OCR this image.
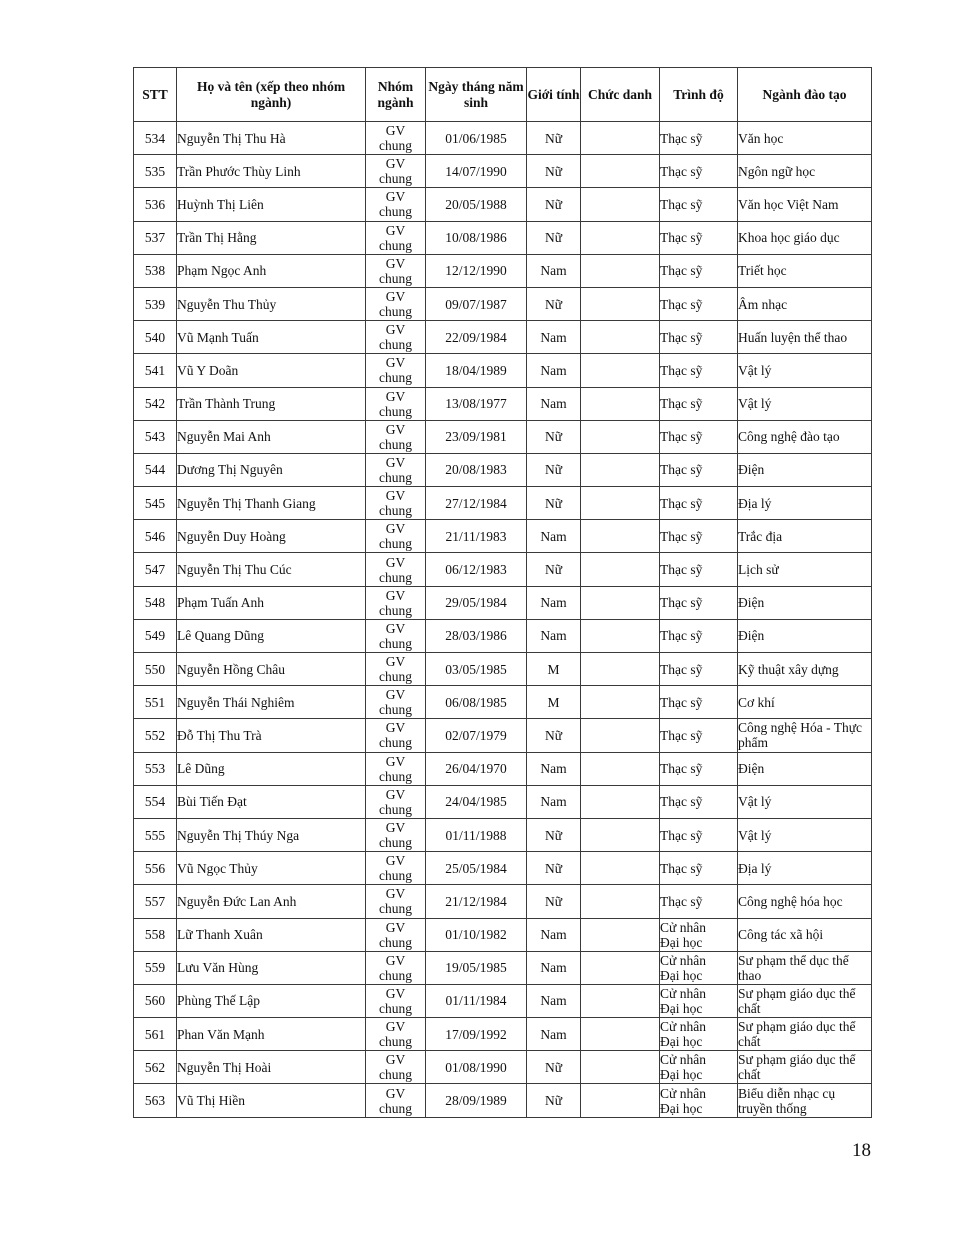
STT	Họ và tên (xếp theo nhóm ngành)	Nhóm ngành	Ngày tháng năm sinh	Giới tính	Chức danh	Trình độ	Ngành đào tạo
534	Nguyễn Thị Thu Hà	GV
chung	01/06/1985	Nữ		Thạc sỹ	Văn học
535	Trần Phước Thùy Linh	GV
chung	14/07/1990	Nữ		Thạc sỹ	Ngôn ngữ học
536	Huỳnh Thị Liên	GV
chung	20/05/1988	Nữ		Thạc sỹ	Văn học Việt Nam
537	Trần Thị Hằng	GV
chung	10/08/1986	Nữ		Thạc sỹ	Khoa học giáo dục
538	Phạm Ngọc Anh	GV
chung	12/12/1990	Nam		Thạc sỹ	Triết học
539	Nguyễn Thu Thủy	GV
chung	09/07/1987	Nữ		Thạc sỹ	Âm nhạc
540	Vũ Mạnh Tuấn	GV
chung	22/09/1984	Nam		Thạc sỹ	Huấn luyện thể thao
541	Vũ Y Doãn	GV
chung	18/04/1989	Nam		Thạc sỹ	Vật lý
542	Trần Thành Trung	GV
chung	13/08/1977	Nam		Thạc sỹ	Vật lý
543	Nguyễn Mai Anh	GV
chung	23/09/1981	Nữ		Thạc sỹ	Công nghệ đào tạo
544	Dương Thị Nguyên	GV
chung	20/08/1983	Nữ		Thạc sỹ	Điện
545	Nguyễn Thị Thanh Giang	GV
chung	27/12/1984	Nữ		Thạc sỹ	Địa lý
546	Nguyễn Duy Hoàng	GV
chung	21/11/1983	Nam		Thạc sỹ	Trắc địa
547	Nguyễn Thị Thu Cúc	GV
chung	06/12/1983	Nữ		Thạc sỹ	Lịch sử
548	Phạm Tuấn Anh	GV
chung	29/05/1984	Nam		Thạc sỹ	Điện
549	Lê Quang Dũng	GV
chung	28/03/1986	Nam		Thạc sỹ	Điện
550	Nguyễn Hồng Châu	GV
chung	03/05/1985	M		Thạc sỹ	Kỹ thuật xây dựng
551	Nguyễn Thái Nghiêm	GV
chung	06/08/1985	M		Thạc sỹ	Cơ khí
552	Đỗ Thị Thu Trà	GV
chung	02/07/1979	Nữ		Thạc sỹ	Công nghệ Hóa - Thực phẩm
553	Lê Dũng	GV
chung	26/04/1970	Nam		Thạc sỹ	Điện
554	Bùi Tiến Đạt	GV
chung	24/04/1985	Nam		Thạc sỹ	Vật lý
555	Nguyễn Thị Thúy Nga	GV
chung	01/11/1988	Nữ		Thạc sỹ	Vật lý
556	Vũ Ngọc Thủy	GV
chung	25/05/1984	Nữ		Thạc sỹ	Địa lý
557	Nguyễn Đức Lan Anh	GV
chung	21/12/1984	Nữ		Thạc sỹ	Công nghệ hóa học
558	Lữ Thanh Xuân	GV
chung	01/10/1982	Nam		Cử nhân
Đại học	Công tác xã hội
559	Lưu Văn Hùng	GV
chung	19/05/1985	Nam		Cử nhân
Đại học	Sư phạm thể dục thể thao
560	Phùng Thế Lập	GV
chung	01/11/1984	Nam		Cử nhân
Đại học	Sư phạm giáo dục thể chất
561	Phan Văn Mạnh	GV
chung	17/09/1992	Nam		Cử nhân
Đại học	Sư phạm giáo dục thể chất
562	Nguyễn Thị Hoài	GV
chung	01/08/1990	Nữ		Cử nhân
Đại học	Sư phạm giáo dục thể chất
563	Vũ Thị Hiền	GV
chung	28/09/1989	Nữ		Cử nhân
Đại học	Biểu diễn nhạc cụ truyền thống
18
